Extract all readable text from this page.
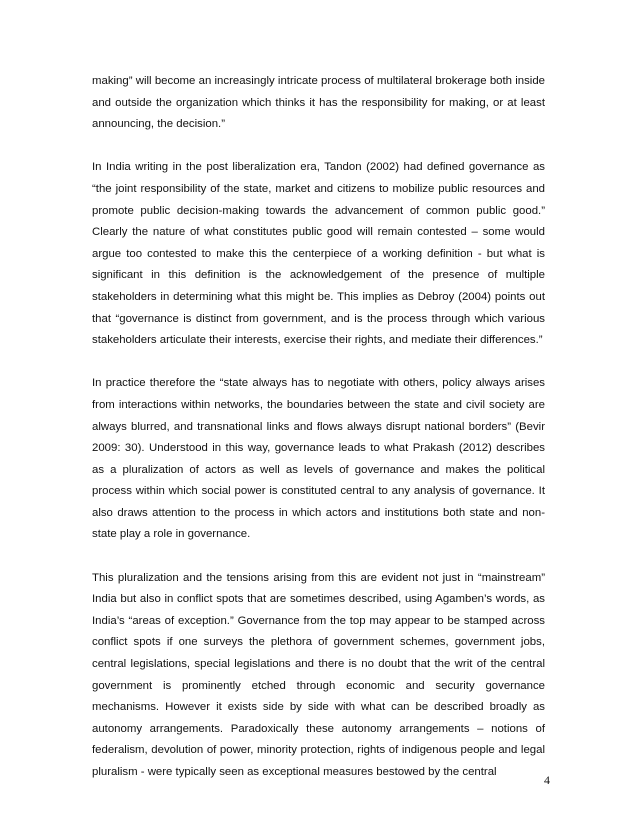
making” will become an increasingly intricate process of multilateral brokerage both inside and outside the organization which thinks it has the responsibility for making, or at least announcing, the decision.”

In India writing in the post liberalization era, Tandon (2002) had defined governance as “the joint responsibility of the state, market and citizens to mobilize public resources and promote public decision-making towards the advancement of common public good.” Clearly the nature of what constitutes public good will remain contested – some would argue too contested to make this the centerpiece of a working definition - but what is significant in this definition is the acknowledgement of the presence of multiple stakeholders in determining what this might be. This implies as Debroy (2004) points out that “governance is distinct from government, and is the process through which various stakeholders articulate their interests, exercise their rights, and mediate their differences.”

In practice therefore the “state always has to negotiate with others, policy always arises from interactions within networks, the boundaries between the state and civil society are always blurred, and transnational links and flows always disrupt national borders” (Bevir 2009: 30). Understood in this way, governance leads to what Prakash (2012) describes as a pluralization of actors as well as levels of governance and makes the political process within which social power is constituted central to any analysis of governance. It also draws attention to the process in which actors and institutions both state and non-state play a role in governance.

This pluralization and the tensions arising from this are evident not just in “mainstream” India but also in conflict spots that are sometimes described, using Agamben’s words, as India’s “areas of exception.” Governance from the top may appear to be stamped across conflict spots if one surveys the plethora of government schemes, government jobs, central legislations, special legislations and there is no doubt that the writ of the central government is prominently etched through economic and security governance mechanisms. However it exists side by side with what can be described broadly as autonomy arrangements. Paradoxically these autonomy arrangements – notions of federalism, devolution of power, minority protection, rights of indigenous people and legal pluralism - were typically seen as exceptional measures bestowed by the central

4
